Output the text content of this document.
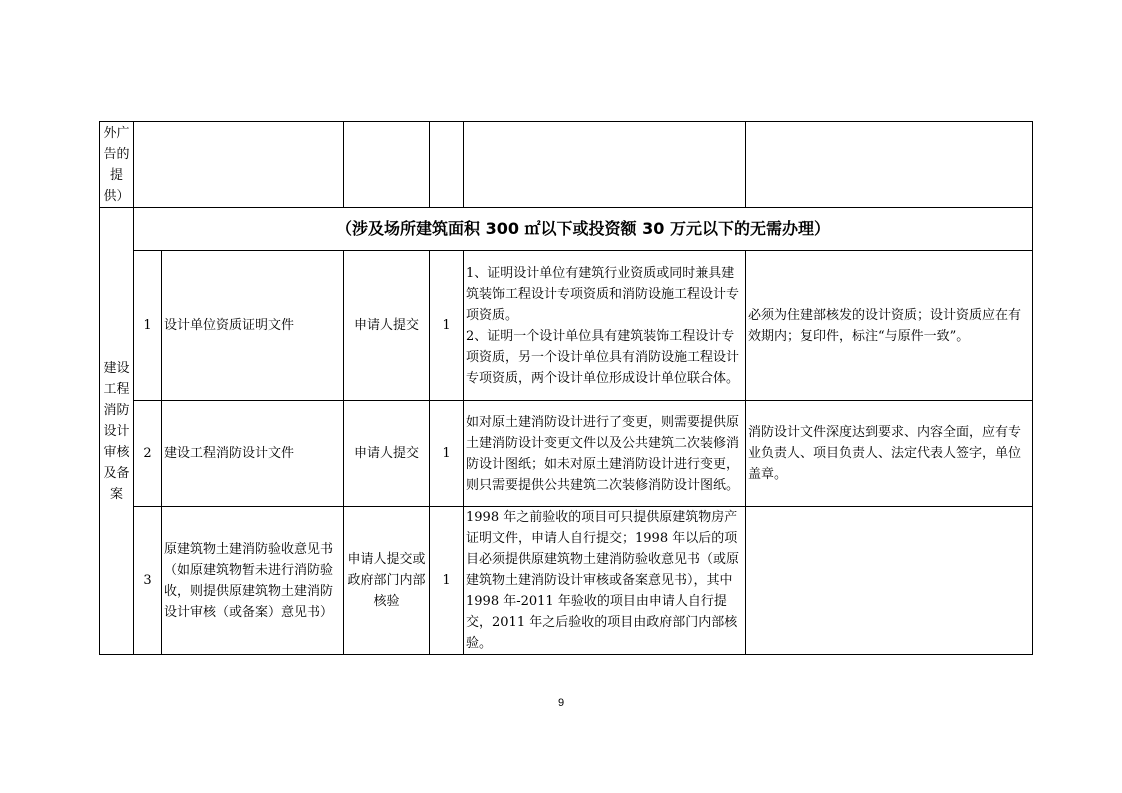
外广告的提供）						
建设工程消防设计审核及备案	（涉及场所建筑面积 300 ㎡以下或投资额 30 万元以下的无需办理）					
	1	设计单位资质证明文件	申请人提交	1	1、证明设计单位有建筑行业资质或同时兼具建筑装饰工程设计专项资质和消防设施工程设计专项资质。
2、证明一个设计单位具有建筑装饰工程设计专项资质，另一个设计单位具有消防设施工程设计专项资质，两个设计单位形成设计单位联合体。	必须为住建部核发的设计资质；设计资质应在有效期内；复印件，标注“与原件一致”。
	2	建设工程消防设计文件	申请人提交	1	如对原土建消防设计进行了变更，则需要提供原土建消防设计变更文件以及公共建筑二次装修消防设计图纸；如未对原土建消防设计进行变更，则只需要提供公共建筑二次装修消防设计图纸。	消防设计文件深度达到要求、内容全面，应有专业负责人、项目负责人、法定代表人签字，单位盖章。
	3	原建筑物土建消防验收意见书（如原建筑物暂未进行消防验收，则提供原建筑物土建消防设计审核（或备案）意见书）	申请人提交或政府部门内部核验	1	1998 年之前验收的项目可只提供原建筑物房产证明文件，申请人自行提交；1998 年以后的项目必须提供原建筑物土建消防验收意见书（或原建筑物土建消防设计审核或备案意见书），其中 1998 年-2011 年验收的项目由申请人自行提交，2011 年之后验收的项目由政府部门内部核验。	
9
